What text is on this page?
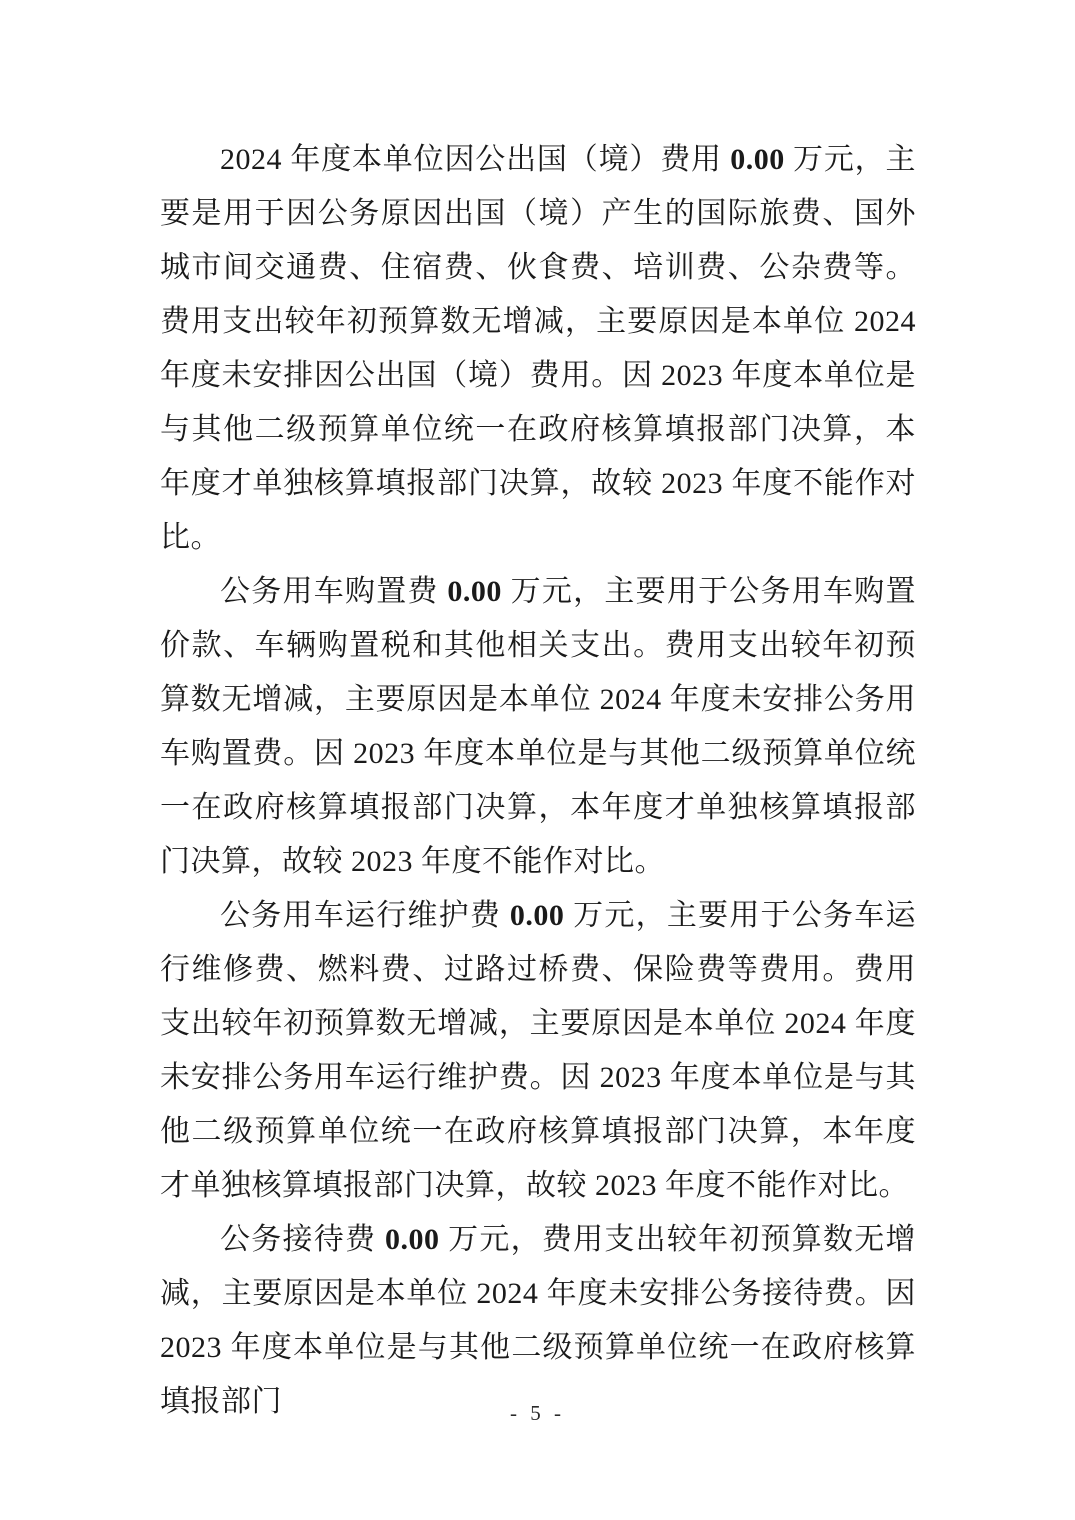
2024 年度本单位因公出国（境）费用 0.00 万元，主要是用于因公务原因出国（境）产生的国际旅费、国外城市间交通费、住宿费、伙食费、培训费、公杂费等。费用支出较年初预算数无增减，主要原因是本单位 2024 年度未安排因公出国（境）费用。因 2023 年度本单位是与其他二级预算单位统一在政府核算填报部门决算，本年度才单独核算填报部门决算，故较 2023 年度不能作对比。

公务用车购置费 0.00 万元，主要用于公务用车购置价款、车辆购置税和其他相关支出。费用支出较年初预算数无增减，主要原因是本单位 2024 年度未安排公务用车购置费。因 2023 年度本单位是与其他二级预算单位统一在政府核算填报部门决算，本年度才单独核算填报部门决算，故较 2023 年度不能作对比。

公务用车运行维护费 0.00 万元，主要用于公务车运行维修费、燃料费、过路过桥费、保险费等费用。费用支出较年初预算数无增减，主要原因是本单位 2024 年度未安排公务用车运行维护费。因 2023 年度本单位是与其他二级预算单位统一在政府核算填报部门决算，本年度才单独核算填报部门决算，故较 2023 年度不能作对比。

公务接待费 0.00 万元，费用支出较年初预算数无增减，主要原因是本单位 2024 年度未安排公务接待费。因 2023 年度本单位是与其他二级预算单位统一在政府核算填报部门	- 5 -
